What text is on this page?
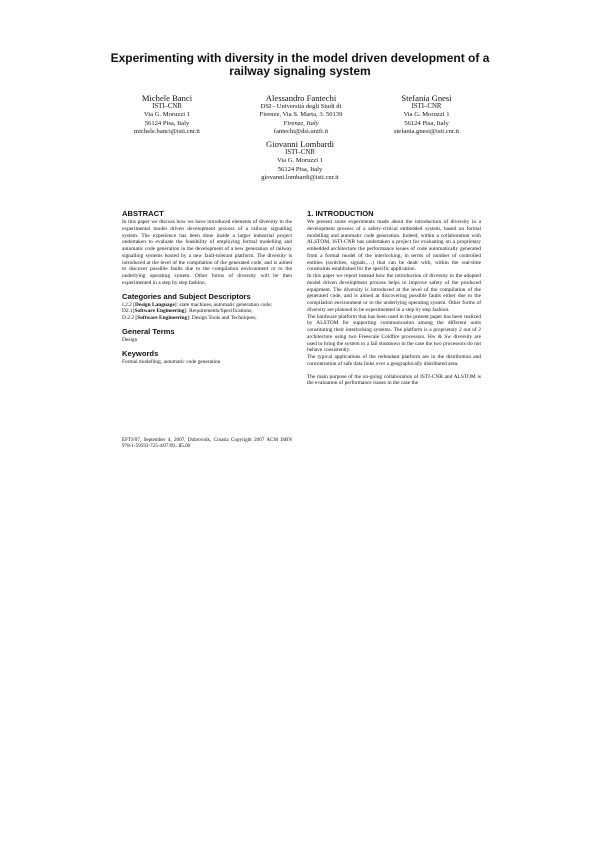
Experimenting with diversity in the model driven development of a railway signaling system
Michele Banci
ISTI–CNR
Via G. Moruzzi 1
56124 Pisa, Italy
michele.banci@isti.cnr.it
Alessandro Fantechi
DSI - Università degli Studi di
Firenze, Via S. Marta, 3. 50139
Firenze, Italy
fantechi@dsi.unifi.it
Stefania Gnesi
ISTI–CNR
Via G. Moruzzi 1
56124 Pisa, Italy
stefania.gnesi@isti.cnr.it
Giovanni Lombardi
ISTI–CNR
Via G. Moruzzi 1
56124 Pisa, Italy
giovanni.lombardi@isti.cnr.it
ABSTRACT

In this paper we discuss how we have introduced elements of diversity in the experimental model driven development process of a railway signalling system. The experience has been done inside a larger industrial project undertaken to evaluate the feasibility of employing formal modelling and automatic code generation in the development of a new generation of railway signalling systems hosted by a new fault-tolerant platform. The diversity is introduced at the level of the compilation of the generated code, and is aimed to discover possible faults due to the compilation environment or to the underlying operating system. Other forms of diversity will be then experimented in a step by step fashion.

Categories and Subject Descriptors
I.2.2 [Design Language]: state machines, automatic generation code;
D2.1[Software Engineering]: Requirements/Specifications;
D.2.2 [Software Engineering]: Design Tools and Techniques;
General Terms

Design

Keywords

Formal modelling, automatic code generation

EFTS'07, September 4, 2007, Dubrovnik, Croatia Copyright 2007 ACM ISBN 978-1-59593-725-4/07/09...$5.00
1. INTRODUCTION

We present some experiments made about the introduction of diversity in a development process of a safety-critical embedded system, based on formal modelling and automatic code generation. Indeed, within a collaboration with ALSTOM, ISTI-CNR has undertaken a project for evaluating on a proprietary embedded architecture the performance issues of code automatically generated from a formal model of the interlocking, in terms of number of controlled entities (switches, signals,…) that can be dealt with, within the real-time constraints established for the specific application.

In this paper we report instead how the introduction of diversity in the adopted model driven development process helps to improve safety of the produced equipment. The diversity is introduced at the level of the compilation of the generated code, and is aimed at discovering possible faults either due to the compilation environment or to the underlying operating system. Other forms of diversity are planned to be experimented in a step by step fashion.

The hardware platform that has been used in the present paper has been realized by ALSTOM for supporting communication among the different units constituting their interlocking systems. The platform is a proprietary 2 out of 2 architecture using two Freescale Coldfire processors. Hw & Sw diversity are used to bring the system to a fail shutdown in the case the two processors do not behave consistently.

The typical applications of the redundant platform are in the distribution and concentration of safe data links over a geographically distributed area.

The main purpose of the on-going collaboration of ISTI-CNR and ALSTOM is the evaluation of performance issues in the case the
